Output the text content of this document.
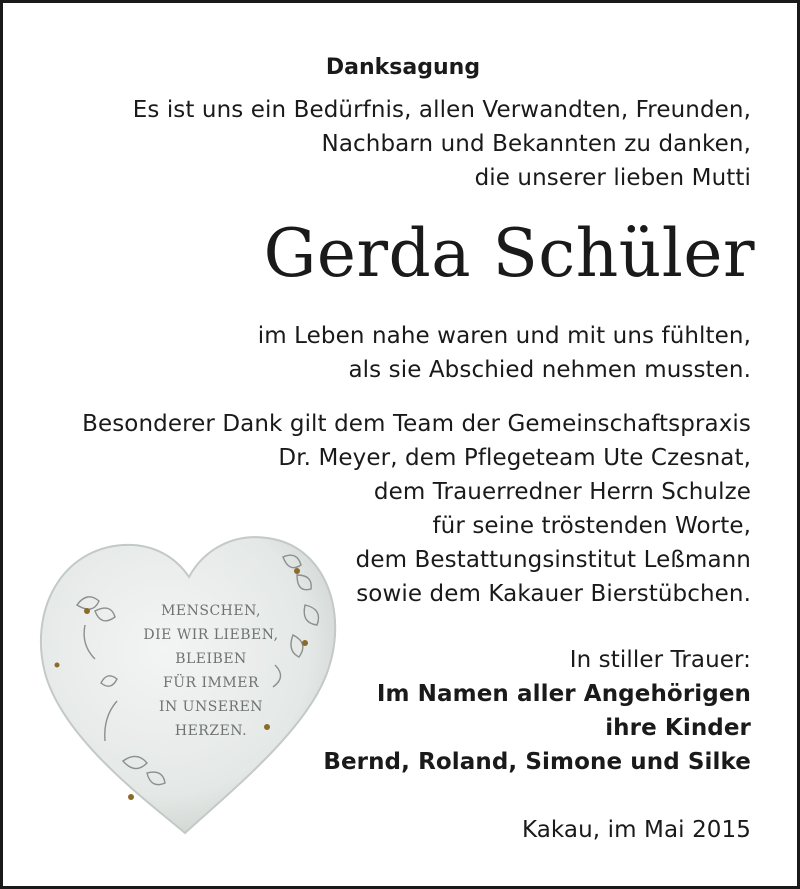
Danksagung
Es ist uns ein Bedürfnis, allen Verwandten, Freunden,
Nachbarn und Bekannten zu danken,
die unserer lieben Mutti
Gerda Schüler
im Leben nahe waren und mit uns fühlten,
als sie Abschied nehmen mussten.
Besonderer Dank gilt dem Team der Gemeinschaftspraxis
Dr. Meyer, dem Pflegeteam Ute Czesnat,
dem Trauerredner Herrn Schulze
für seine tröstenden Worte,
dem Bestattungsinstitut Leßmann
sowie dem Kakauer Bierstübchen.
In stiller Trauer:
Im Namen aller Angehörigen
ihre Kinder
Bernd, Roland, Simone und Silke
Kakau, im Mai 2015
MENSCHEN,
DIE WIR LIEBEN,
BLEIBEN
FÜR IMMER
IN UNSEREN
HERZEN.
